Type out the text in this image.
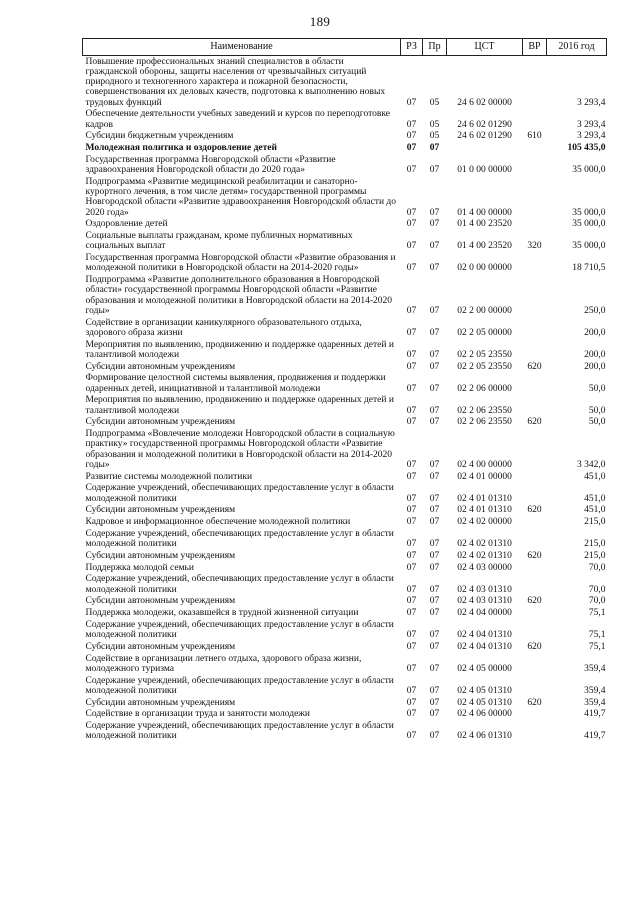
189
Наименование	РЗ	Пр	ЦСТ	ВР	2016 год
Повышение профессиональных знаний специалистов в области гражданской обороны, защиты населения от чрезвычайных ситуаций природного и техногенного характера и пожарной безопасности, совершенствования их деловых качеств, подготовка к выполнению новых трудовых функций	07	05	24 6 02 00000		3 293,4
Обеспечение деятельности учебных заведений и курсов по переподготовке кадров	07	05	24 6 02 01290		3 293,4
Субсидии бюджетным учреждениям	07	05	24 6 02 01290	610	3 293,4
Молодежная политика и оздоровление детей	07	07			105 435,0
Государственная программа Новгородской области «Развитие здравоохранения Новгородской области до 2020 года»	07	07	01 0 00 00000		35 000,0
Подпрограмма «Развитие медицинской реабилитации и санаторно-курортного лечения, в том числе детям» государственной программы Новгородской области «Развитие здравоохранения Новгородской области до 2020 года»	07	07	01 4 00 00000		35 000,0
Оздоровление детей	07	07	01 4 00 23520		35 000,0
Социальные выплаты гражданам, кроме публичных нормативных социальных выплат	07	07	01 4 00 23520	320	35 000,0
Государственная программа Новгородской области «Развитие образования и молодежной политики в Новгородской области на 2014-2020 годы»	07	07	02 0 00 00000		18 710,5
Подпрограмма «Развитие дополнительного образования в Новгородской области» государственной программы Новгородской области «Развитие образования и молодежной политики в Новгородской области на 2014-2020 годы»	07	07	02 2 00 00000		250,0
Содействие в организации каникулярного образовательного отдыха, здорового образа жизни	07	07	02 2 05 00000		200,0
Мероприятия по выявлению, продвижению и поддержке одаренных детей и талантливой молодежи	07	07	02 2 05 23550		200,0
Субсидии автономным учреждениям	07	07	02 2 05 23550	620	200,0
Формирование целостной системы выявления, продвижения и поддержки одаренных детей, инициативной и талантливой молодежи	07	07	02 2 06 00000		50,0
Мероприятия по выявлению, продвижению и поддержке одаренных детей и талантливой молодежи	07	07	02 2 06 23550		50,0
Субсидии автономным учреждениям	07	07	02 2 06 23550	620	50,0
Подпрограмма «Вовлечение молодежи Новгородской области в социальную практику» государственной программы Новгородской области «Развитие образования и молодежной политики в Новгородской области на 2014-2020 годы»	07	07	02 4 00 00000		3 342,0
Развитие системы молодежной политики	07	07	02 4 01 00000		451,0
Содержание учреждений, обеспечивающих предоставление услуг в области молодежной политики	07	07	02 4 01 01310		451,0
Субсидии автономным учреждениям	07	07	02 4 01 01310	620	451,0
Кадровое и информационное обеспечение молодежной политики	07	07	02 4 02 00000		215,0
Содержание учреждений, обеспечивающих предоставление услуг в области молодежной политики	07	07	02 4 02 01310		215,0
Субсидии автономным учреждениям	07	07	02 4 02 01310	620	215,0
Поддержка молодой семьи	07	07	02 4 03 00000		70,0
Содержание учреждений, обеспечивающих предоставление услуг в области молодежной политики	07	07	02 4 03 01310		70,0
Субсидии автономным учреждениям	07	07	02 4 03 01310	620	70,0
Поддержка молодежи, оказавшейся в трудной жизненной ситуации	07	07	02 4 04 00000		75,1
Содержание учреждений, обеспечивающих предоставление услуг в области молодежной политики	07	07	02 4 04 01310		75,1
Субсидии автономным учреждениям	07	07	02 4 04 01310	620	75,1
Содействие в организации летнего отдыха, здорового образа жизни, молодежного туризма	07	07	02 4 05 00000		359,4
Содержание учреждений, обеспечивающих предоставление услуг в области молодежной политики	07	07	02 4 05 01310		359,4
Субсидии автономным учреждениям	07	07	02 4 05 01310	620	359,4
Содействие в организации труда и занятости молодежи	07	07	02 4 06 00000		419,7
Содержание учреждений, обеспечивающих предоставление услуг в области молодежной политики	07	07	02 4 06 01310		419,7
